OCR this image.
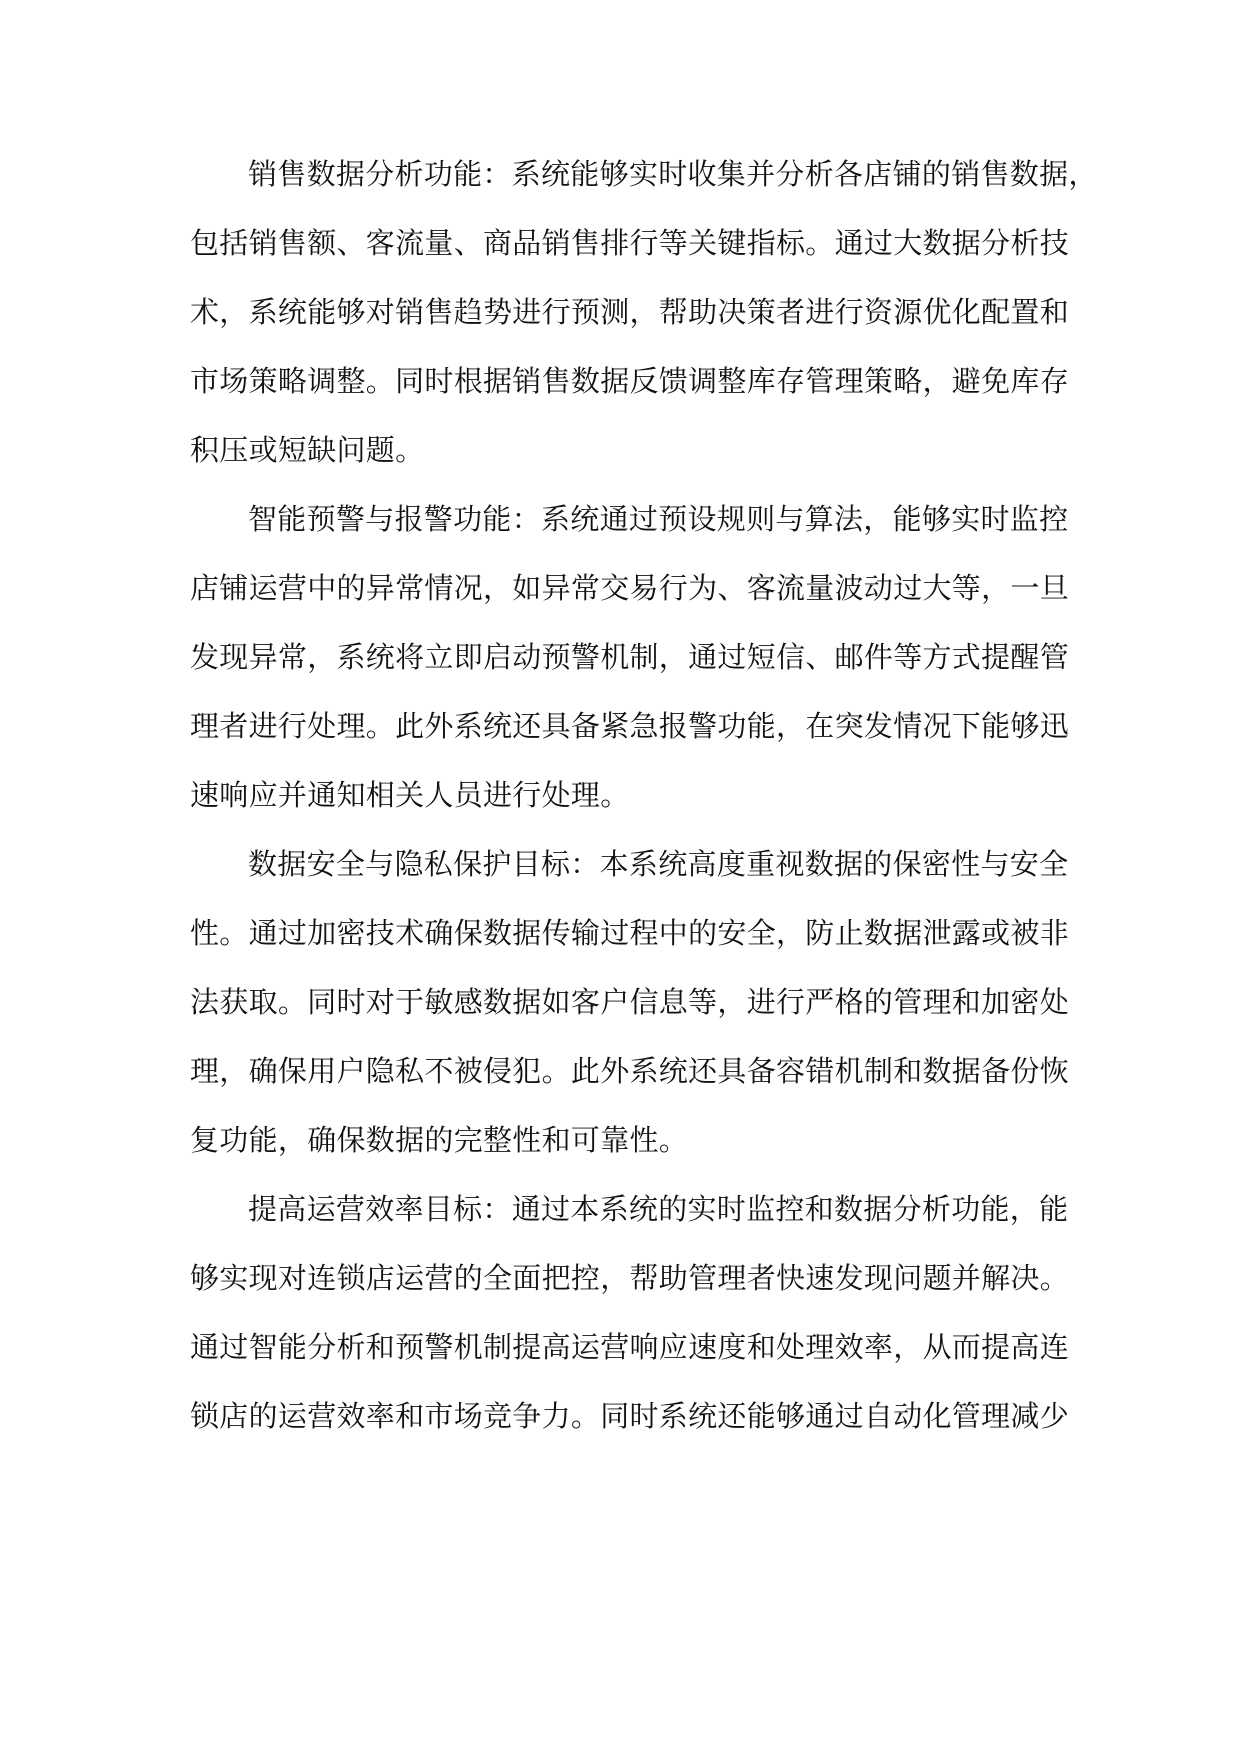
销售数据分析功能：系统能够实时收集并分析各店铺的销售数据，
包括销售额、客流量、商品销售排行等关键指标。通过大数据分析技
术，系统能够对销售趋势进行预测，帮助决策者进行资源优化配置和
市场策略调整。同时根据销售数据反馈调整库存管理策略，避免库存
积压或短缺问题。
智能预警与报警功能：系统通过预设规则与算法，能够实时监控
店铺运营中的异常情况，如异常交易行为、客流量波动过大等，一旦
发现异常，系统将立即启动预警机制，通过短信、邮件等方式提醒管
理者进行处理。此外系统还具备紧急报警功能，在突发情况下能够迅
速响应并通知相关人员进行处理。
数据安全与隐私保护目标：本系统高度重视数据的保密性与安全
性。通过加密技术确保数据传输过程中的安全，防止数据泄露或被非
法获取。同时对于敏感数据如客户信息等，进行严格的管理和加密处
理，确保用户隐私不被侵犯。此外系统还具备容错机制和数据备份恢
复功能，确保数据的完整性和可靠性。
提高运营效率目标：通过本系统的实时监控和数据分析功能，能
够实现对连锁店运营的全面把控，帮助管理者快速发现问题并解决。
通过智能分析和预警机制提高运营响应速度和处理效率，从而提高连
锁店的运营效率和市场竞争力。同时系统还能够通过自动化管理减少
